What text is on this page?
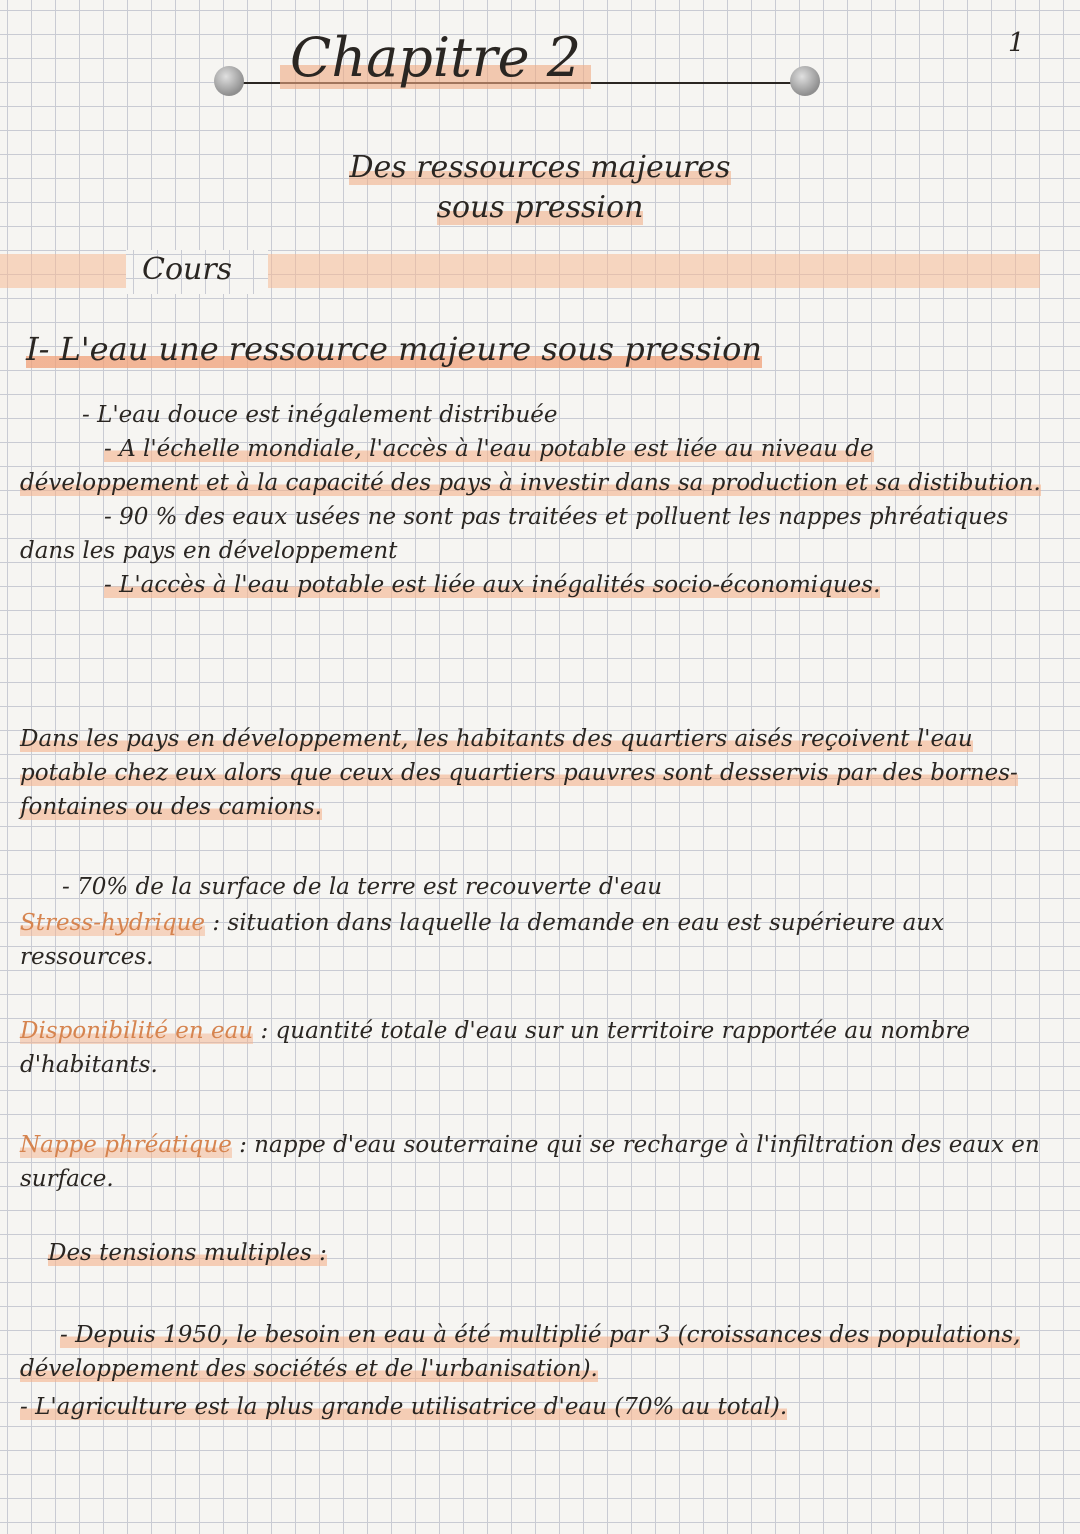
1
Chapitre 2
Des ressources majeures
sous pression
Cours
I- L'eau une ressource majeure sous pression
- L'eau douce est inégalement distribuée
- A l'échelle mondiale, l'accès à l'eau potable est liée au niveau de développement et à la capacité des pays à investir dans sa production et sa distibution.
- 90 % des eaux usées ne sont pas traitées et polluent les nappes phréatiques dans les pays en développement
- L'accès à l'eau potable est liée aux inégalités socio-économiques.
Dans les pays en développement, les habitants des quartiers aisés reçoivent l'eau potable chez eux alors que ceux des quartiers pauvres sont desservis par des bornes-fontaines ou des camions.
- 70% de la surface de la terre est recouverte d'eau
Stress-hydrique : situation dans laquelle la demande en eau est supérieure aux ressources.
Disponibilité en eau : quantité totale d'eau sur un territoire rapportée au nombre d'habitants.
Nappe phréatique : nappe d'eau souterraine qui se recharge à l'infiltration des eaux en surface.
Des tensions multiples :
- Depuis 1950, le besoin en eau à été multiplié par 3 (croissances des populations, développement des sociétés et de l'urbanisation).
- L'agriculture est la plus grande utilisatrice d'eau (70% au total).
